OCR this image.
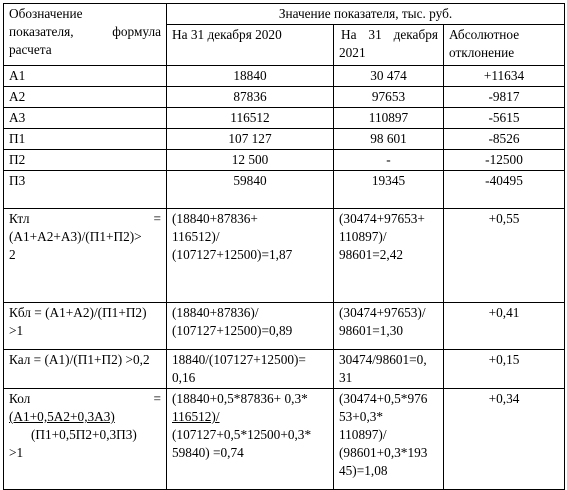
Обозначение
показателя, формула
расчета	Значение показателя, тыс. руб.		
	На 31 декабря 2020	На 31 декабря
2021	Абсолютное
отклонение

А1	18840	30 474	+11634
А2	87836	97653	-9817
А3	116512	110897	-5615
П1	107 127	98 601	-8526
П2	12 500	-	-12500
П3	59840	19345	-40495

Ктл =
(А1+А2+А3)/(П1+П2)>
2	(18840+87836+
116512)/
(107127+12500)=1,87	(30474+97653+
110897)/
98601=2,42	+0,55

Кбл = (А1+А2)/(П1+П2)
>1	(18840+87836)/
(107127+12500)=0,89	(30474+97653)/
98601=1,30	+0,41

Кал = (А1)/(П1+П2) >0,2	18840/(107127+12500)=
0,16	30474/98601=0,
31	+0,15

Кол =
(А1+0,5А2+0,3А3)
(П1+0,5П2+0,3П3)
>1	(18840+0,5*87836+ 0,3*
116512)/
(107127+0,5*12500+0,3*
59840) =0,74	(30474+0,5*976
53+0,3*
110897)/
(98601+0,3*193
45)=1,08	+0,34
